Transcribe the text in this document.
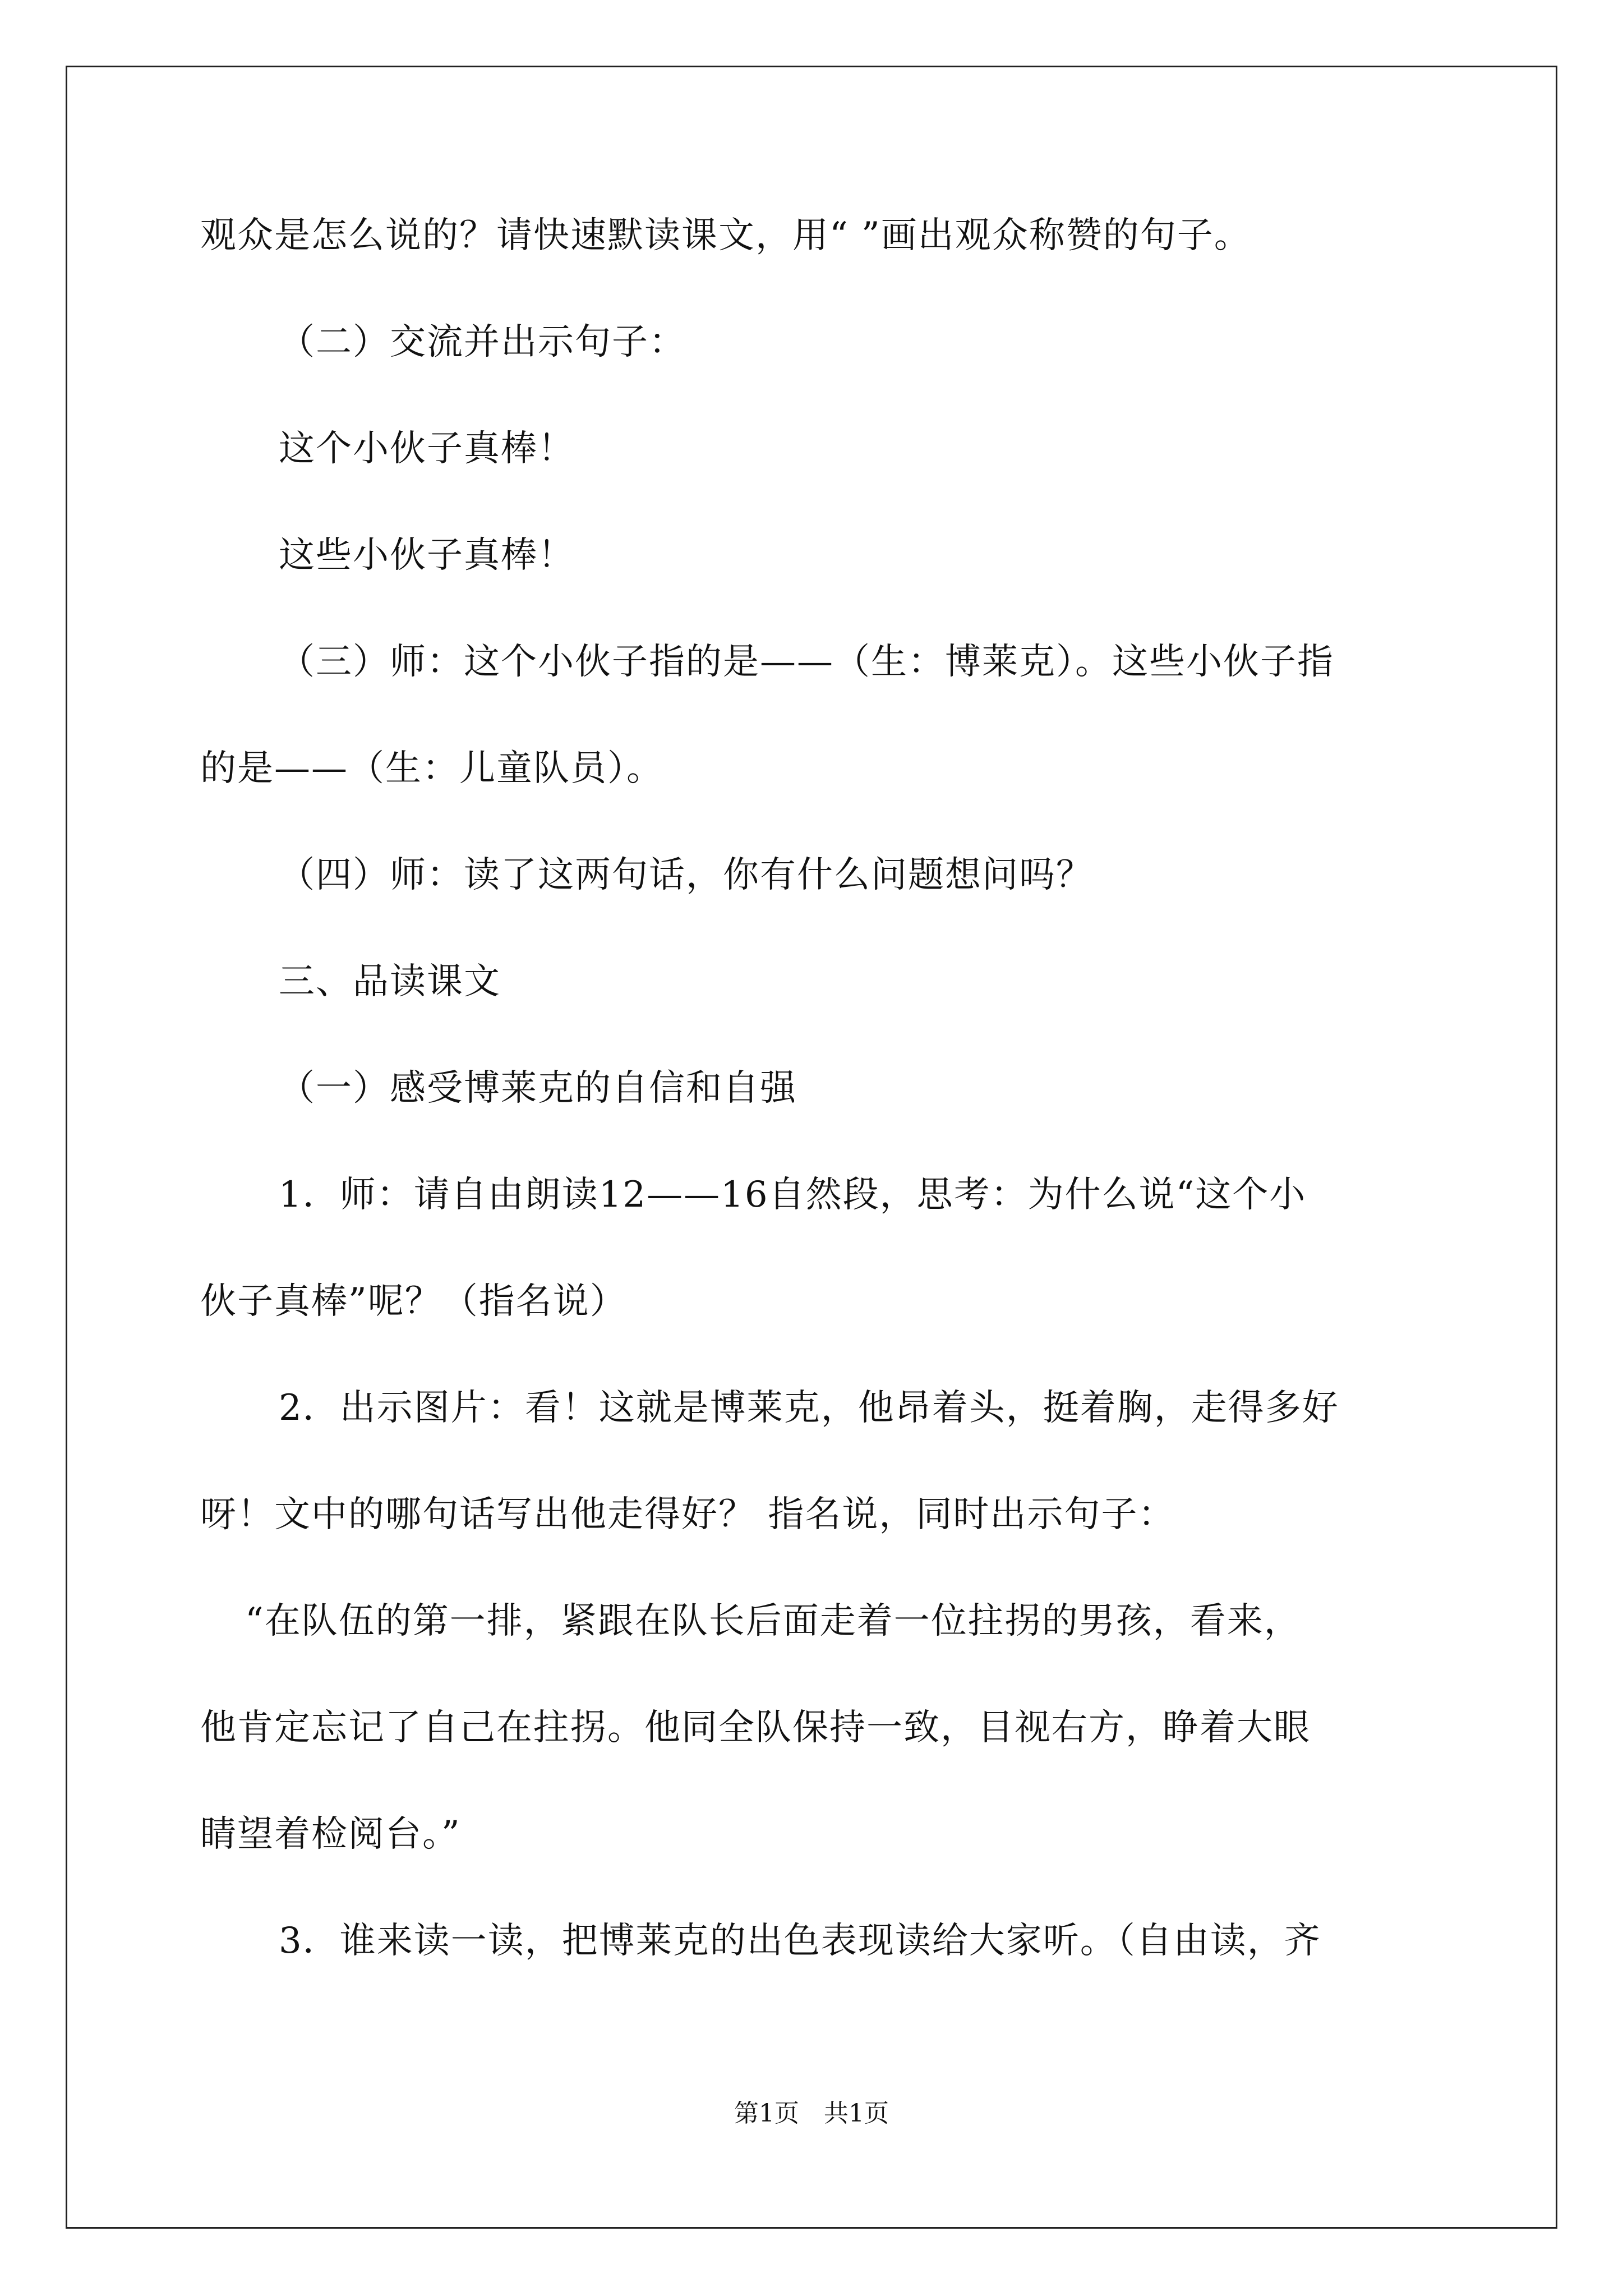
观众是怎么说的？请快速默读课文，用“ ”画出观众称赞的句子。
（二）交流并出示句子：
这个小伙子真棒！
这些小伙子真棒！
（三）师：这个小伙子指的是——（生：博莱克）。这些小伙子指
的是——（生：儿童队员）。
（四）师：读了这两句话，你有什么问题想问吗？
三、品读课文
（一）感受博莱克的自信和自强
1．师：请自由朗读12——16自然段，思考：为什么说“这个小
伙子真棒”呢？（指名说）
2．出示图片：看！这就是博莱克，他昂着头，挺着胸，走得多好
呀！文中的哪句话写出他走得好？ 指名说，同时出示句子：
“在队伍的第一排，紧跟在队长后面走着一位拄拐的男孩，看来，
他肯定忘记了自己在拄拐。他同全队保持一致，目视右方，睁着大眼
睛望着检阅台。”
3．谁来读一读，把博莱克的出色表现读给大家听。（自由读，齐
第1页　共1页
